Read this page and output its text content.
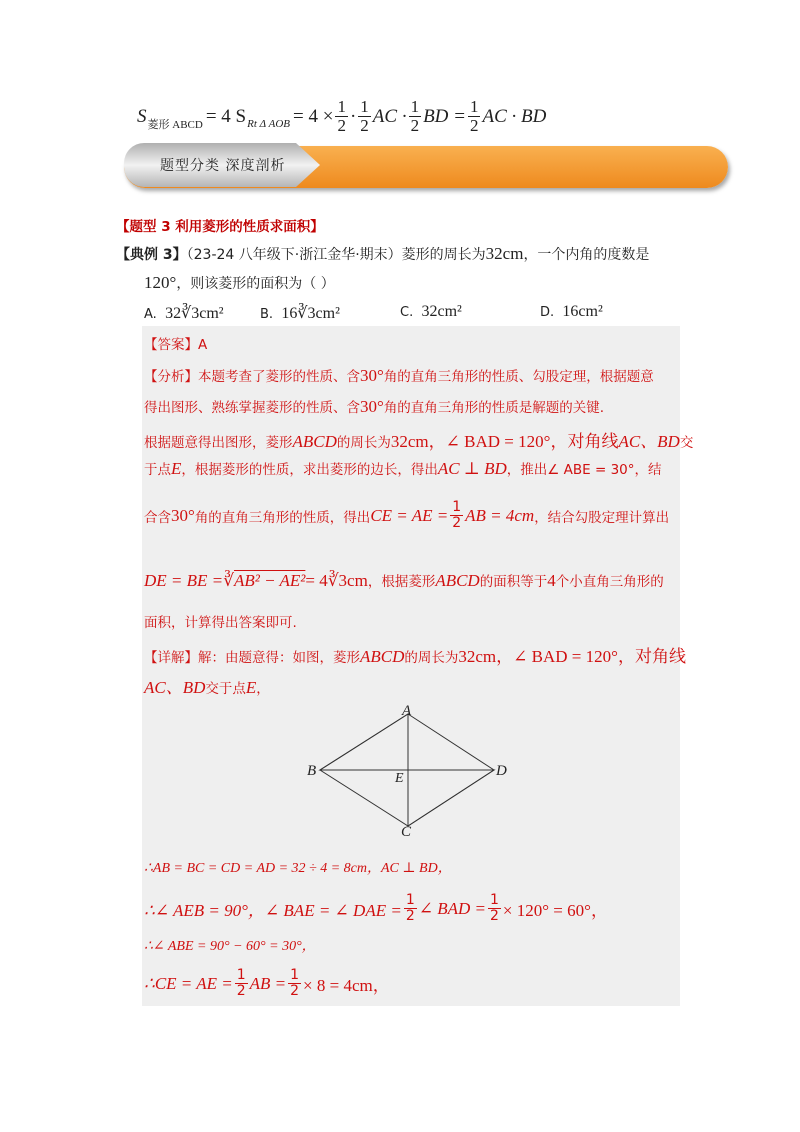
S 菱形 ABCD = 4 S Rt Δ AOB = $4 \times \frac{1}{2} \cdot \frac{1}{2}$ AC · $\frac{1}{2}$ BD = $\frac{1}{2}$ AC · BD
题型分类 深度剖析
【题型 3 利用菱形的性质求面积】
【典例 3】（23-24 八年级下·浙江金华·期末）菱形的周长为32cm，一个内角的度数是
120°，则该菱形的面积为（ ）
A. 32∛3cm²	B. 16∛3cm²	C. 32cm²	D. 16cm²
【答案】A
【分析】本题考查了菱形的性质、含30°角的直角三角形的性质、勾股定理，根据题意
得出图形、熟练掌握菱形的性质、含30°角的直角三角形的性质是解题的关键.
根据题意得出图形，菱形ABCD的周长为32cm，∠ BAD = 120°，对角线AC、BD交
于点E，根据菱形的性质，求出菱形的边长，得出AC ⊥ BD，推出∠ ABE = 30°，结
合含 30° 角的直角三角形的性质，得出 CE = AE = $\frac{1}{2}$ AB = 4cm ，结合勾股定理计算出
DE = BE =∛AB² − AE²= 4∛3cm，根据菱形ABCD的面积等于4个小直角三角形的
面积，计算得出答案即可.
【详解】解：由题意得：如图，菱形ABCD的周长为32cm，∠ BAD = 120°，对角线
AC、BD交于点E，
A
B	D
C
E
∴AB = BC = CD = AD = 32 ÷ 4 = 8cm，AC ⊥ BD，
∴∠ AEB = 90°，∠ BAE = ∠ DAE = $\frac{1}{2}$ ∠ BAD = $\frac{1}{2} \times 120^\circ = 60^\circ$，
∴∠ ABE = 90° − 60° = 30°，
∴CE = AE = $\frac{1}{2}$ AB = $\frac{1}{2} \times 8 = 4cm$，
